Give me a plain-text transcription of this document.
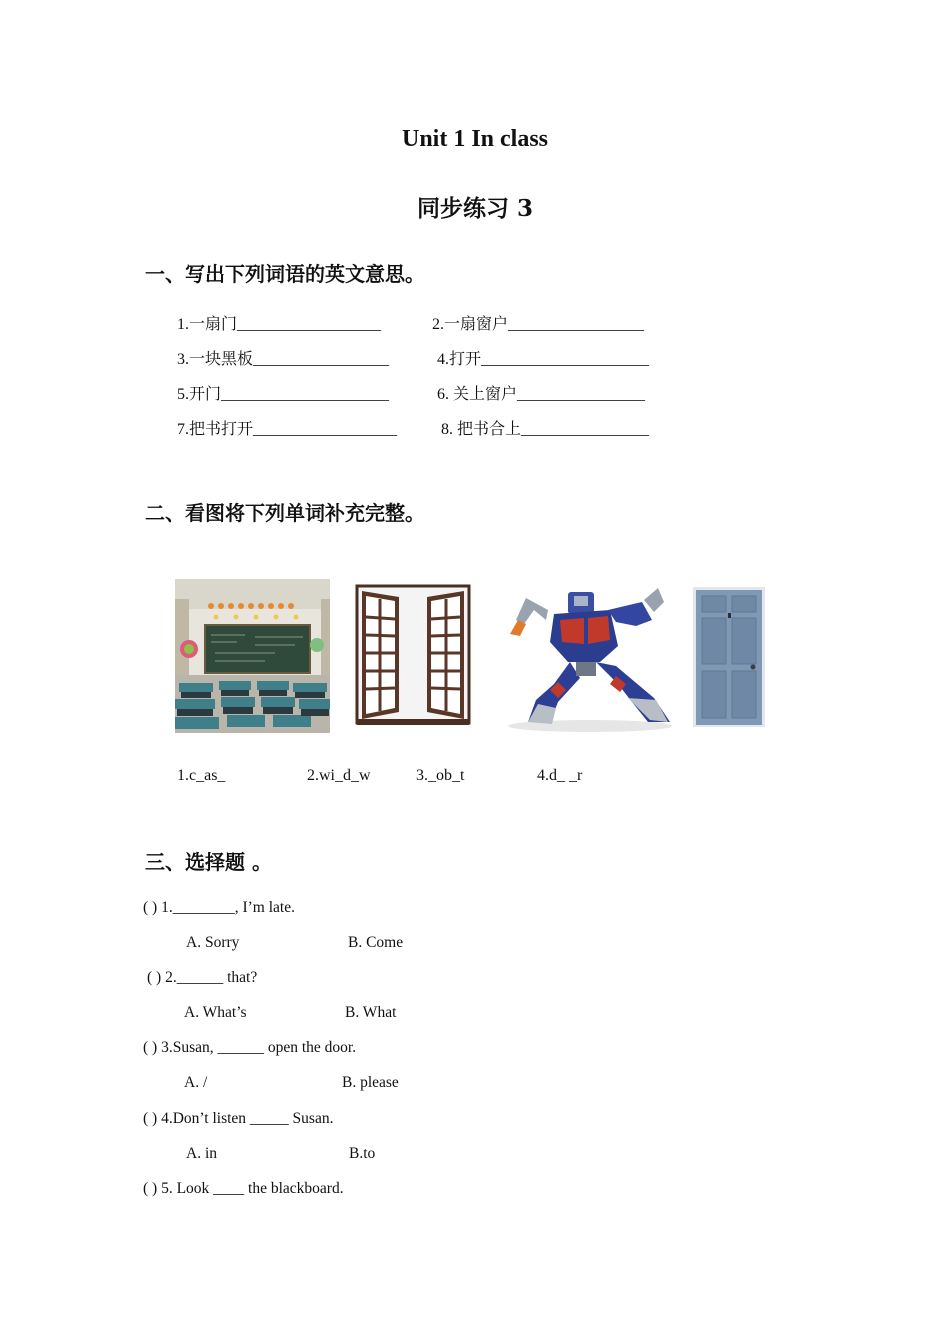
Unit 1 In class
同步练习 3
一、写出下列词语的英文意思。
1.一扇门__________________	2.一扇窗户_________________
3.一块黑板_________________	4.打开_____________________
5.开门_____________________	6. 关上窗户________________
7.把书打开__________________	8. 把书合上________________
二、看图将下列单词补充完整。
1.c_as_	2.wi_d_w	3._ob_t	4.d_ _r
三、选择题 。
( ) 1.________, I’m late.
A. Sorry	B. Come
( ) 2.______ that?
A. What’s	B. What
( ) 3.Susan, ______ open the door.
A. /	B. please
( ) 4.Don’t listen _____ Susan.
A. in	B.to
( ) 5. Look ____ the blackboard.
